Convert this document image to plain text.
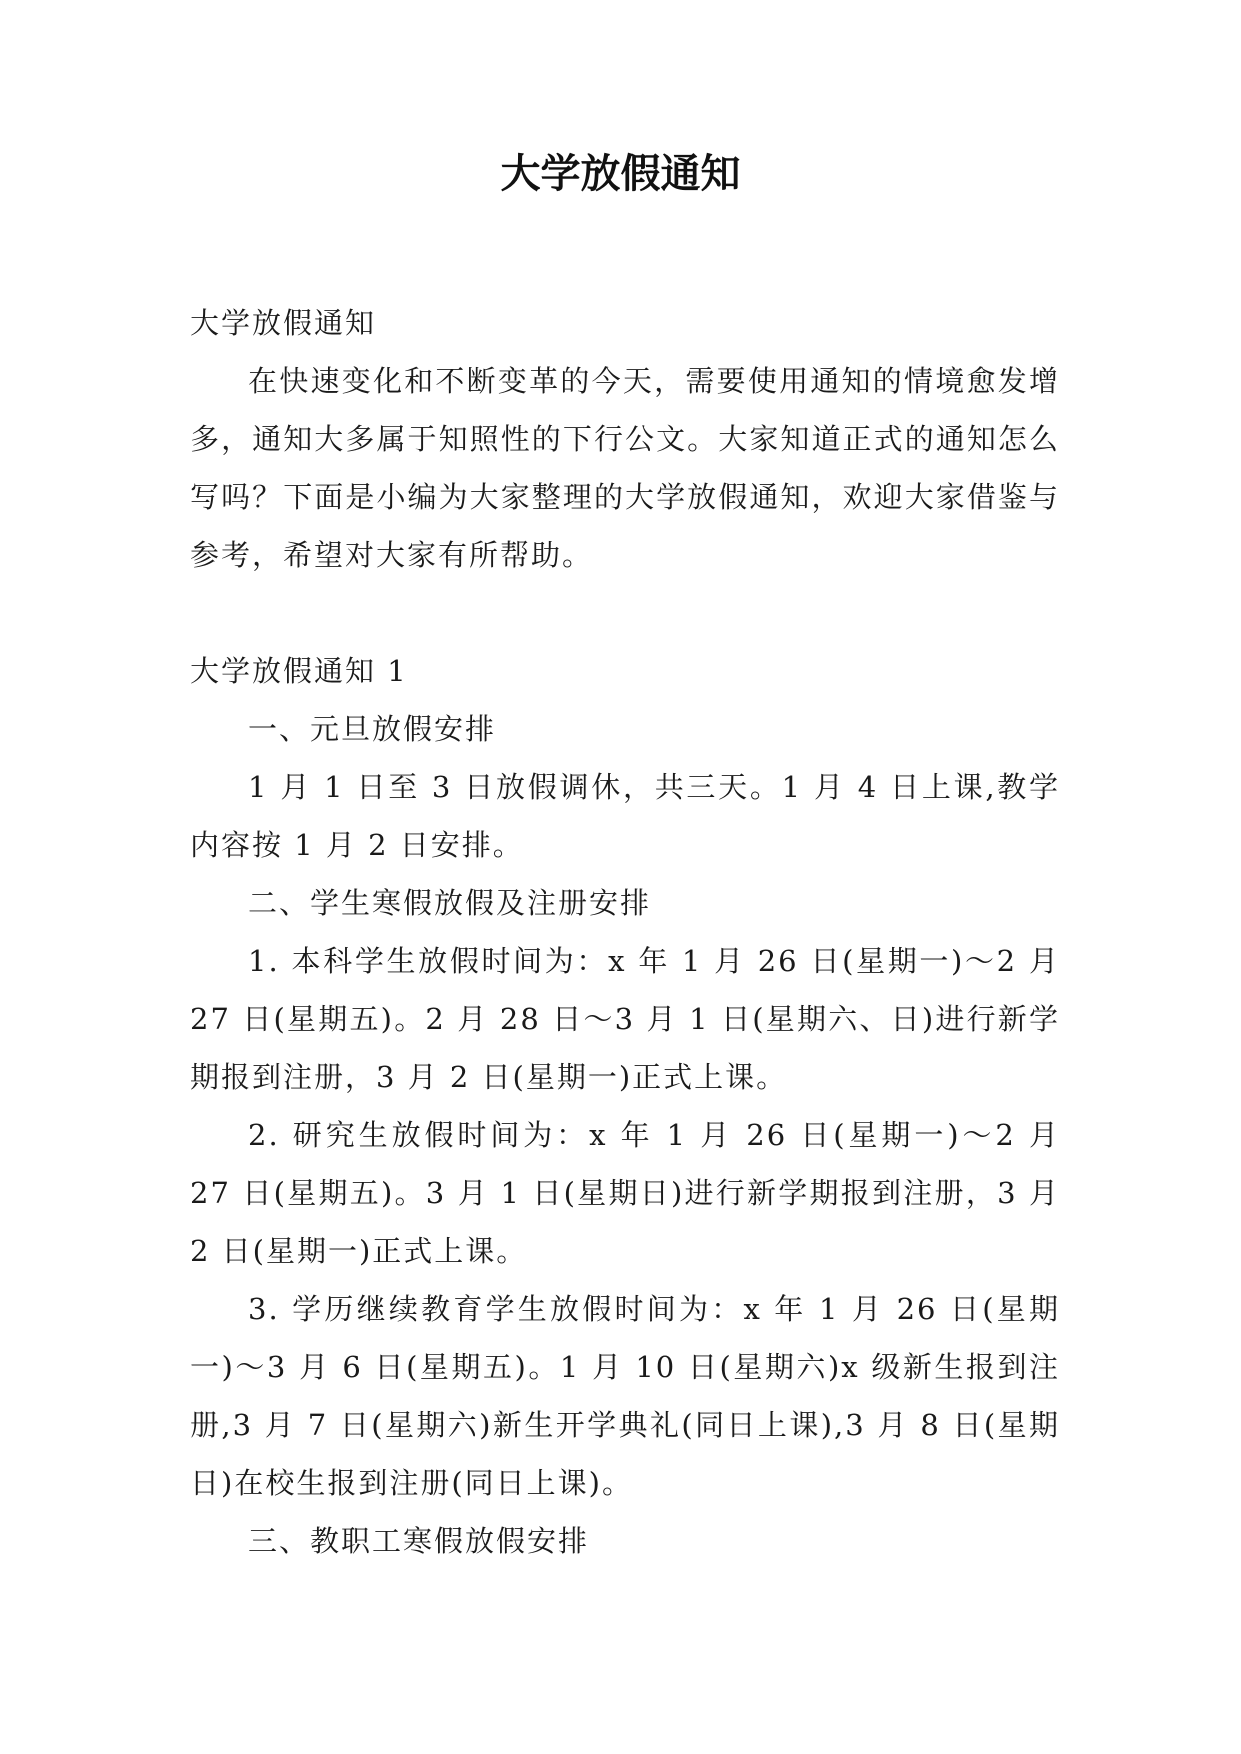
大学放假通知

大学放假通知

在快速变化和不断变革的今天，需要使用通知的情境愈发增多，通知大多属于知照性的下行公文。大家知道正式的通知怎么写吗？下面是小编为大家整理的大学放假通知，欢迎大家借鉴与参考，希望对大家有所帮助。

大学放假通知 1

一、元旦放假安排

1 月 1 日至 3 日放假调休，共三天。1 月 4 日上课,教学内容按 1 月 2 日安排。

二、学生寒假放假及注册安排

1. 本科学生放假时间为：x 年 1 月 26 日(星期一)～2 月 27 日(星期五)。2 月 28 日～3 月 1 日(星期六、日)进行新学期报到注册，3 月 2 日(星期一)正式上课。

2. 研究生放假时间为：x 年 1 月 26 日(星期一)～2 月 27 日(星期五)。3 月 1 日(星期日)进行新学期报到注册，3 月 2 日(星期一)正式上课。

3. 学历继续教育学生放假时间为：x 年 1 月 26 日(星期一)～3 月 6 日(星期五)。1 月 10 日(星期六)x 级新生报到注册,3 月 7 日(星期六)新生开学典礼(同日上课),3 月 8 日(星期日)在校生报到注册(同日上课)。

三、教职工寒假放假安排
